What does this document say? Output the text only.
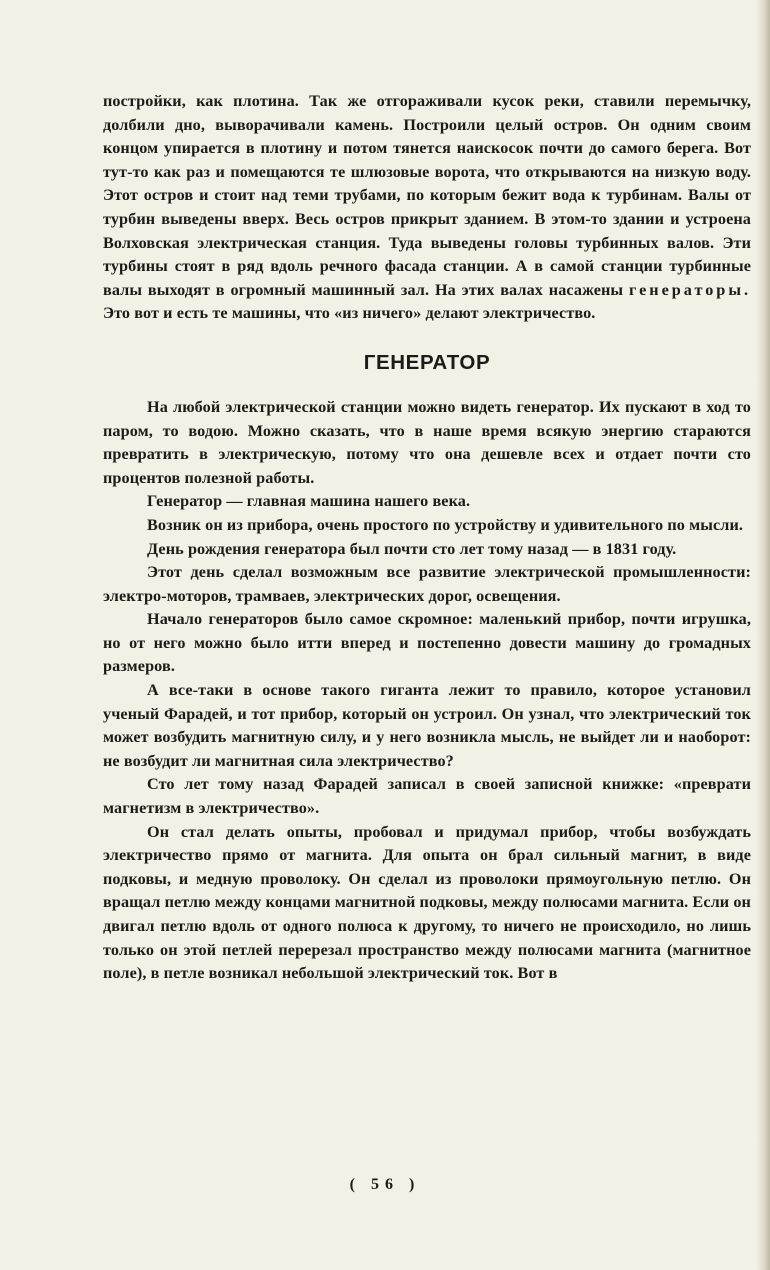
постройки, как плотина. Так же отгораживали кусок реки, ставили перемычку, долбили дно, выворачивали камень. Построили целый остров. Он одним своим концом упирается в плотину и потом тянется наискосок почти до самого берега. Вот тут-то как раз и помещаются те шлюзовые ворота, что открываются на низкую воду. Этот остров и стоит над теми трубами, по которым бежит вода к турбинам. Валы от турбин выведены вверх. Весь остров прикрыт зданием. В этом-то здании и устроена Волховская электрическая станция. Туда выведены головы турбинных валов. Эти турбины стоят в ряд вдоль речного фасада станции. А в самой станции турбинные валы выходят в огромный машинный зал. На этих валах насажены генераторы. Это вот и есть те машины, что «из ничего» делают электричество.

ГЕНЕРАТОР

На любой электрической станции можно видеть генератор. Их пускают в ход то паром, то водою. Можно сказать, что в наше время всякую энергию стараются превратить в электрическую, потому что она дешевле всех и отдает почти сто процентов полезной работы.

Генератор — главная машина нашего века.

Возник он из прибора, очень простого по устройству и удивительного по мысли.

День рождения генератора был почти сто лет тому назад — в 1831 году.

Этот день сделал возможным все развитие электрической промышленности: электро-моторов, трамваев, электрических дорог, освещения.

Начало генераторов было самое скромное: маленький прибор, почти игрушка, но от него можно было итти вперед и постепенно довести машину до громадных размеров.

А все-таки в основе такого гиганта лежит то правило, которое установил ученый Фарадей, и тот прибор, который он устроил. Он узнал, что электрический ток может возбудить магнитную силу, и у него возникла мысль, не выйдет ли и наоборот: не возбудит ли магнитная сила электричество?

Сто лет тому назад Фарадей записал в своей записной книжке: «преврати магнетизм в электричество».

Он стал делать опыты, пробовал и придумал прибор, чтобы возбуждать электричество прямо от магнита. Для опыта он брал сильный магнит, в виде подковы, и медную проволоку. Он сделал из проволоки прямоугольную петлю. Он вращал петлю между концами магнитной подковы, между полюсами магнита. Если он двигал петлю вдоль от одного полюса к другому, то ничего не происходило, но лишь только он этой петлей перерезал пространство между полюсами магнита (магнитное поле), в петле возникал небольшой электрический ток. Вот в

( 56 )
